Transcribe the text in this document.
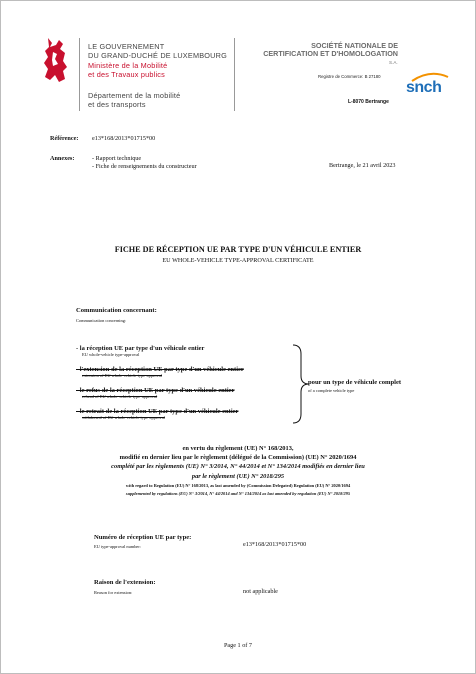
LE GOUVERNEMENT
DU GRAND-DUCHÉ DE LUXEMBOURG
Ministère de la Mobilité
et des Travaux publics
Département de la mobilité
et des transports
SOCIÉTÉ NATIONALE DE
CERTIFICATION ET D'HOMOLOGATION
S.A.
Registre de Commerce: B 27180
snch
L-8070 Bertrange
Référence: e13*168/2013*01715*00
Annexes:	- Rapport technique
- Fiche de renseignements du constructeur	Bertrange, le 21 avril 2023
FICHE DE RÉCEPTION UE PAR TYPE D'UN VÉHICULE ENTIER
EU WHOLE-VEHICLE TYPE-APPROVAL CERTIFICATE
Communication concernant:
Communication concerning:
- la réception UE par type d'un véhicule entier
EU whole-vehicle type-approval
- l'extension de la réception UE par type d'un véhicule entier
extension of EU whole-vehicle type-approval
- le refus de la réception UE par type d'un véhicule entier
refusal of EU whole-vehicle type-approval
- le retrait de la réception UE par type d'un véhicule entier
withdrawal of EU whole-vehicle type-approval
pour un type de véhicule complet
of a complete vehicle type
en vertu du règlement (UE) N° 168/2013,
modifié en dernier lieu par le règlement (délégué de la Commission) (UE) N° 2020/1694
complété par les règlements (UE) N° 3/2014, N° 44/2014 et N° 134/2014 modifiés en dernier lieu
par le règlement (UE) N° 2018/295
with regard to Regulation (EU) N° 168/2013, as last amended by (Commission Delegated) Regulation (EU) N° 2020/1694
supplemented by regulations (EU) N° 3/2014, N° 44/2014 and N° 134/2014 as last amended by regulation (EU) N° 2018/295
Numéro de réception UE par type:
EU type-approval number:	e13*168/2013*01715*00
Raison de l'extension:
Reason for extension:	not applicable
Page 1 of 7
